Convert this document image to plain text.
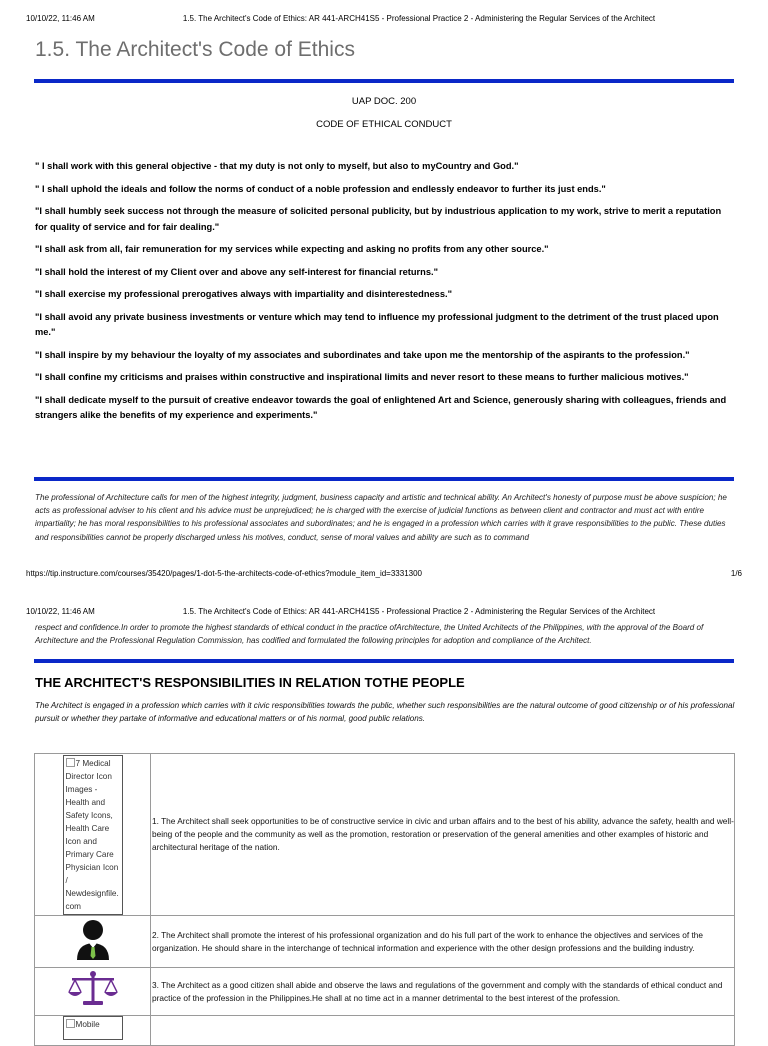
10/10/22, 11:46 AM	1.5. The Architect's Code of Ethics: AR 441-ARCH41S5 - Professional Practice 2 - Administering the Regular Services of the Architect
1.5. The Architect's Code of Ethics
UAP DOC. 200
CODE OF ETHICAL CONDUCT

" I shall work with this general objective - that my duty is not only to myself, but also to myCountry and God."

" I shall uphold the ideals and follow the norms of conduct of a noble profession and endlessly endeavor to further its just ends."

"I shall humbly seek success not through the measure of solicited personal publicity, but by industrious application to my work, strive to merit a reputation for quality of service and for fair dealing."

"I shall ask from all, fair remuneration for my services while expecting and asking no profits from any other source."

"I shall hold the interest of my Client over and above any self-interest for financial returns."

"I shall exercise my professional prerogatives always with impartiality and disinterestedness."

"I shall avoid any private business investments or venture which may tend to influence my professional judgment to the detriment of the trust placed upon me."

"I shall inspire by my behaviour the loyalty of my associates and subordinates and take upon me the mentorship of the aspirants to the profession."

"I shall confine my criticisms and praises within constructive and inspirational limits and never resort to these means to further malicious motives."

"I shall dedicate myself to the pursuit of creative endeavor towards the goal of enlightened Art and Science, generously sharing with colleagues, friends and strangers alike the benefits of my experience and experiments."

The professional of Architecture calls for men of the highest integrity, judgment, business capacity and artistic and technical ability. An Architect's honesty of purpose must be above suspicion; he acts as professional adviser to his client and his advice must be unprejudiced; he is charged with the exercise of judicial functions as between client and contractor and must act with entire impartiality; he has moral responsibilities to his professional associates and subordinates; and he is engaged in a profession which carries with it grave responsibilities to the public. These duties and responsibilities cannot be properly discharged unless his motives, conduct, sense of moral values and ability are such as to command
https://tip.instructure.com/courses/35420/pages/1-dot-5-the-architects-code-of-ethics?module_item_id=3331300	1/6
10/10/22, 11:46 AM	1.5. The Architect's Code of Ethics: AR 441-ARCH41S5 - Professional Practice 2 - Administering the Regular Services of the Architect
respect and confidence.In order to promote the highest standards of ethical conduct in the practice ofArchitecture, the United Architects of the Philippines, with the approval of the Board of Architecture and the Professional Regulation Commission, has codified and formulated the following principles for adoption and compliance of the Architect.
THE ARCHITECT'S RESPONSIBILITIES IN RELATION TOTHE PEOPLE
The Architect is engaged in a profession which carries with it civic responsibilities towards the public, whether such responsibilities are the natural outcome of good citizenship or of his professional pursuit or whether they partake of informative and educational matters or of his normal, good public relations.
7 Medical Director Icon Images - Health and Safety Icons, Health Care Icon and Primary Care Physician Icon / Newdesignfile.com	1. The Architect shall seek opportunities to be of constructive service in civic and urban affairs and to the best of his ability, advance the safety, health and well-being of the people and the community as well as the promotion, restoration or preservation of the general amenities and other examples of historic and architectural heritage of the nation.
	2. The Architect shall promote the interest of his professional organization and do his full part of the work to enhance the objectives and services of the organization. He should share in the interchange of technical information and experience with the other design professions and the building industry.
	3. The Architect as a good citizen shall abide and observe the laws and regulations of the government and comply with the standards of ethical conduct and practice of the profession in the Philippines.He shall at no time act in a manner detrimental to the best interest of the profession.
Mobile	
